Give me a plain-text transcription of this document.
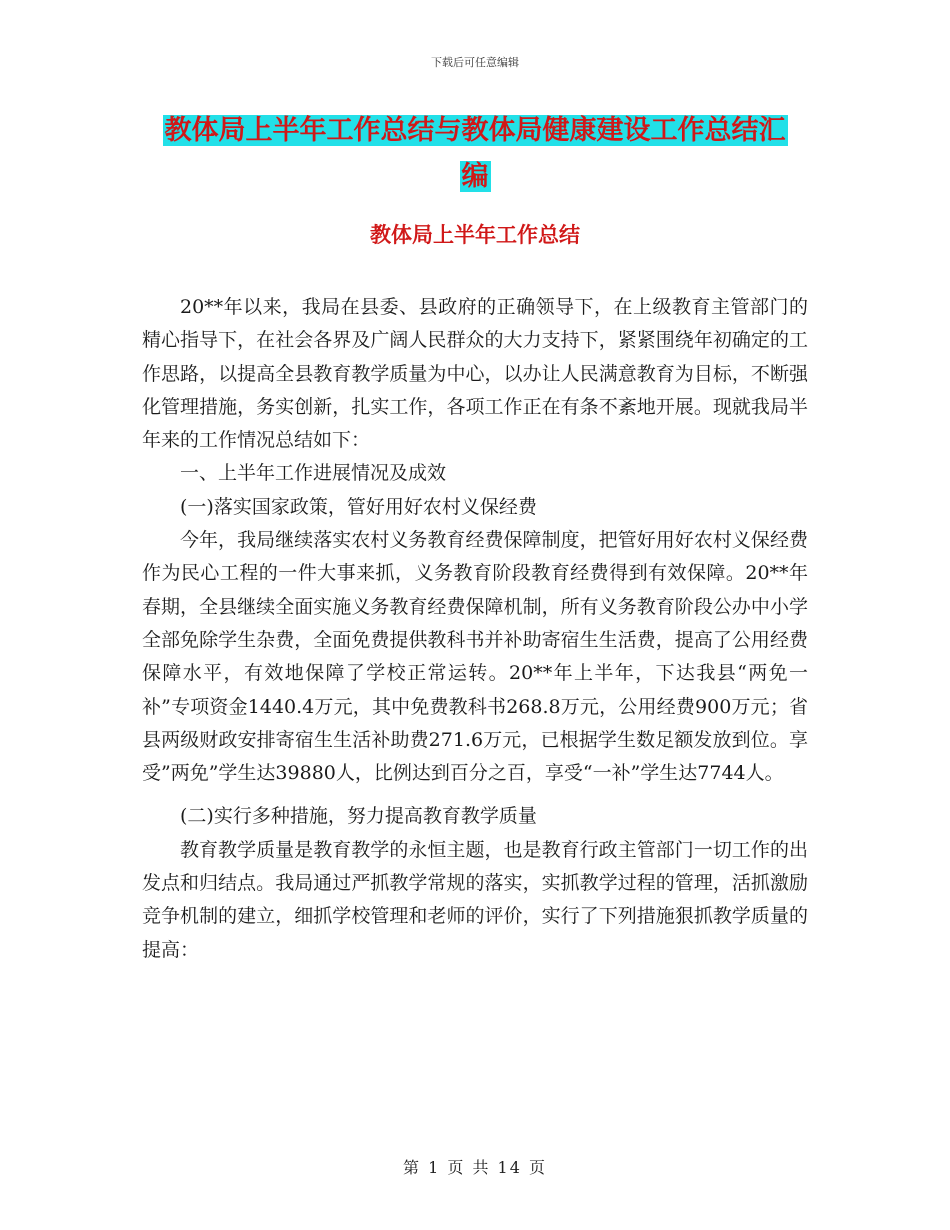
下载后可任意编辑
教体局上半年工作总结与教体局健康建设工作总结汇
编
教体局上半年工作总结

20**年以来，我局在县委、县政府的正确领导下，在上级教育主管部门的精心指导下，在社会各界及广阔人民群众的大力支持下，紧紧围绕年初确定的工作思路，以提高全县教育教学质量为中心，以办让人民满意教育为目标，不断强化管理措施，务实创新，扎实工作，各项工作正在有条不紊地开展。现就我局半年来的工作情况总结如下：

一、上半年工作进展情况及成效

(一)落实国家政策，管好用好农村义保经费

今年，我局继续落实农村义务教育经费保障制度，把管好用好农村义保经费作为民心工程的一件大事来抓，义务教育阶段教育经费得到有效保障。20**年春期，全县继续全面实施义务教育经费保障机制，所有义务教育阶段公办中小学全部免除学生杂费，全面免费提供教科书并补助寄宿生生活费，提高了公用经费保障水平，有效地保障了学校正常运转。20**年上半年，下达我县“两免一补”专项资金1440.4万元，其中免费教科书268.8万元，公用经费900万元；省县两级财政安排寄宿生生活补助费271.6万元，已根据学生数足额发放到位。享受”两免”学生达39880人，比例达到百分之百，享受“一补”学生达7744人。

(二)实行多种措施，努力提高教育教学质量

教育教学质量是教育教学的永恒主题，也是教育行政主管部门一切工作的出发点和归结点。我局通过严抓教学常规的落实，实抓教学过程的管理，活抓激励竞争机制的建立，细抓学校管理和老师的评价，实行了下列措施狠抓教学质量的提高：

第 1 页 共 14 页
